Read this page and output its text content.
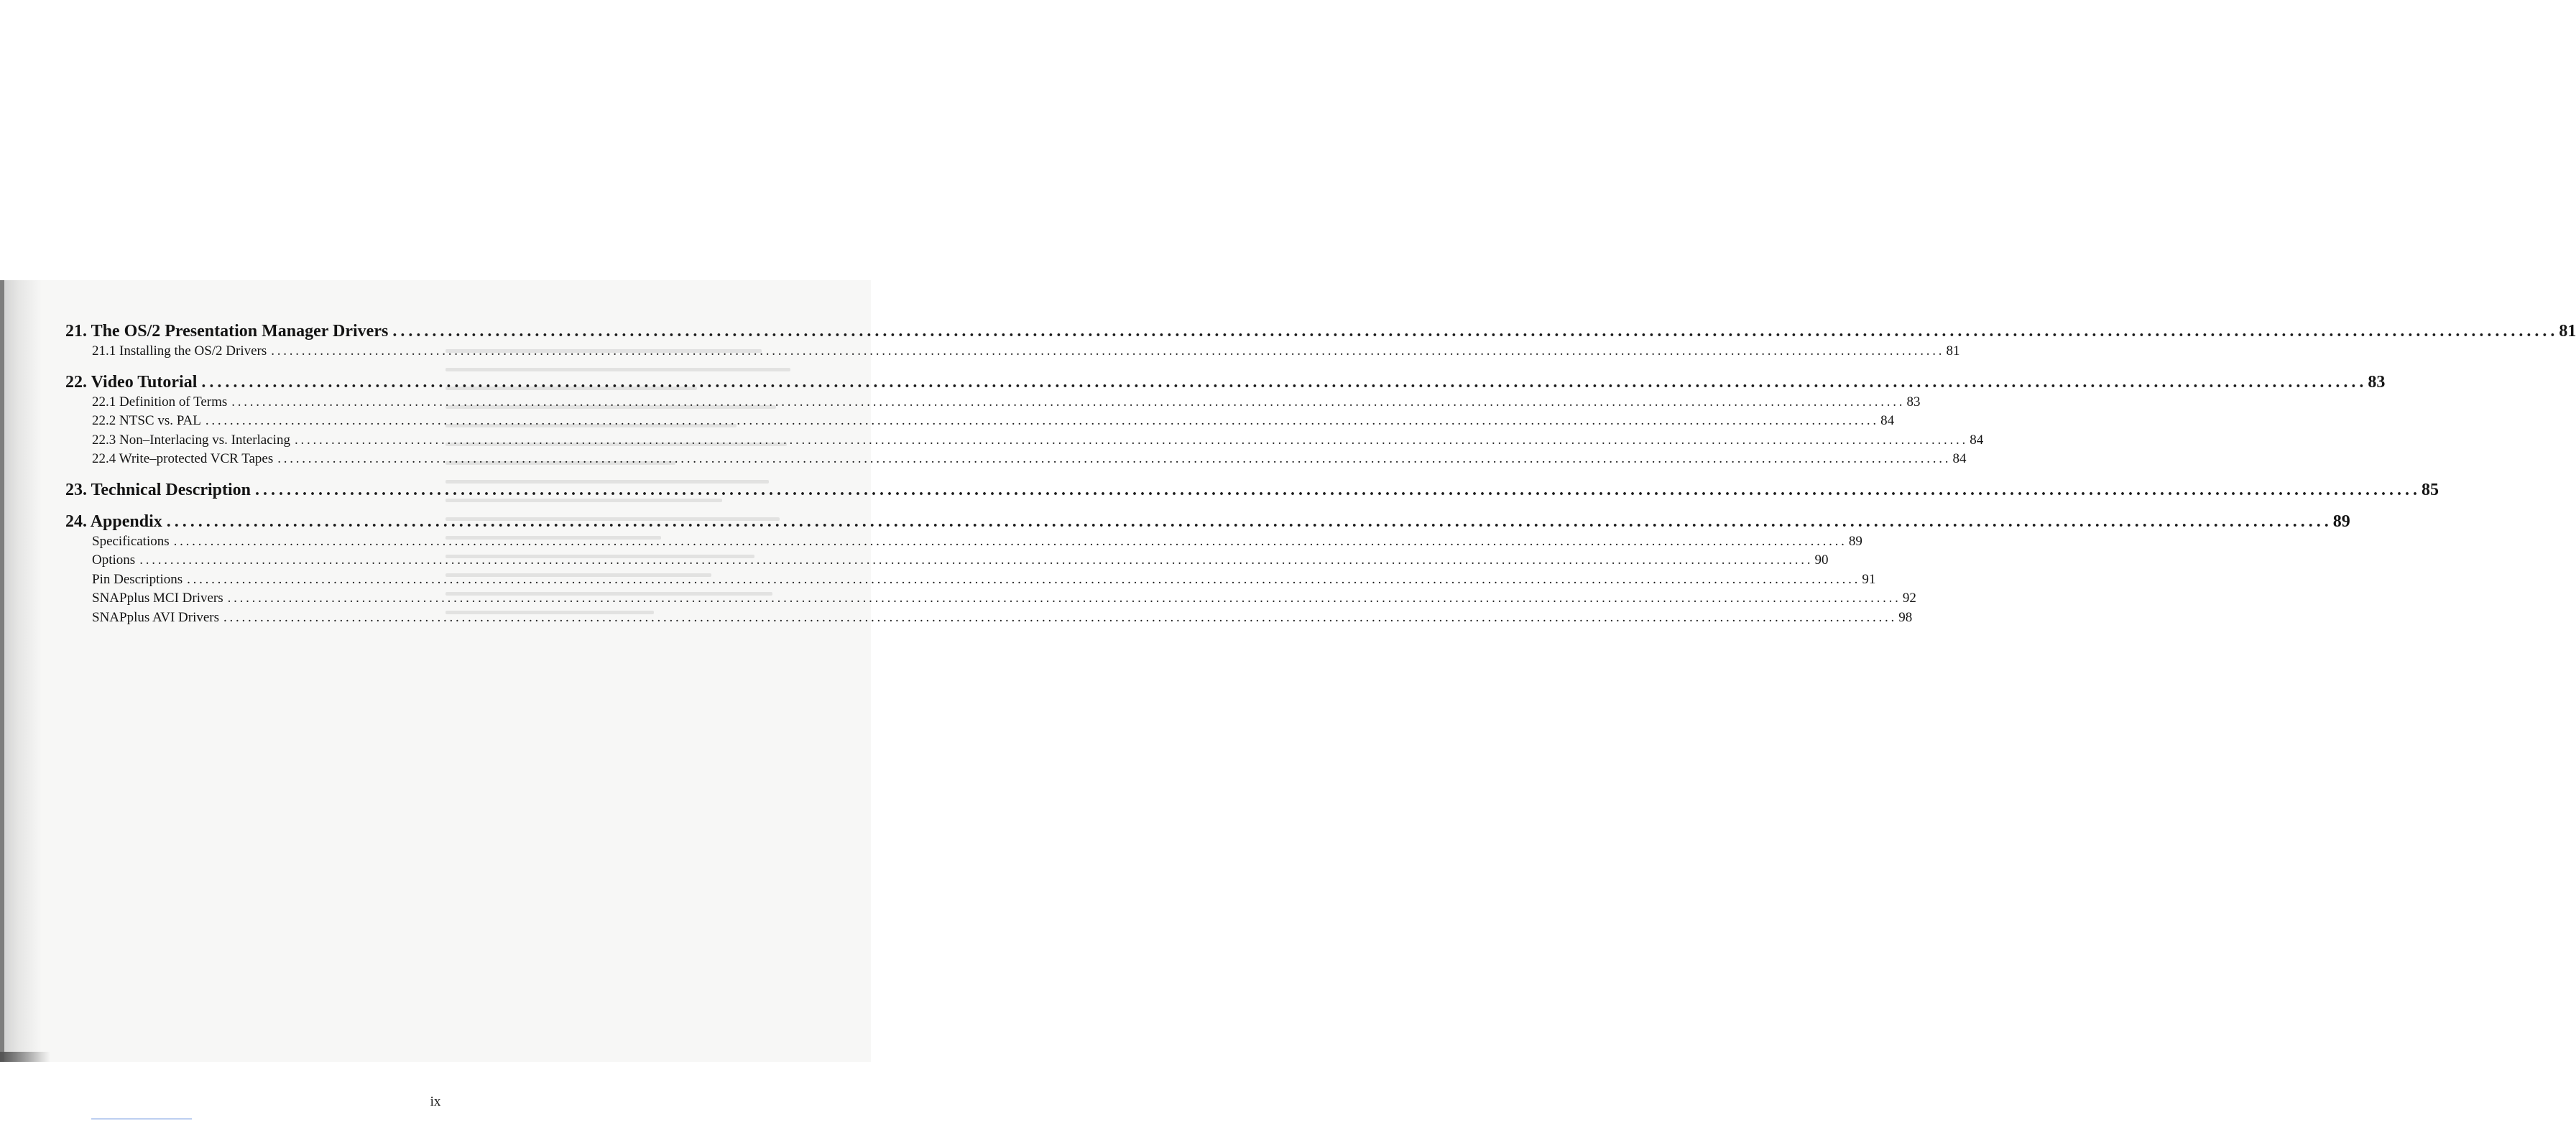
ix
21. The OS/2 Presentation Manager Drivers . . .	81
21.1 Installing the OS/2 Drivers . . .	81
22. Video Tutorial . . .	83
22.1 Definition of Terms . . .	83
22.2 NTSC vs. PAL . . .	84
22.3 Non–Interlacing vs. Interlacing . . .	84
22.4 Write–protected VCR Tapes . . .	84
23. Technical Description . . .	85
24. Appendix . . .	89
Specifications . . .	89
Options . . .	90
Pin Descriptions . . .	91
SNAPplus MCI Drivers . . .	92
SNAPplus AVI Drivers . . .	98
